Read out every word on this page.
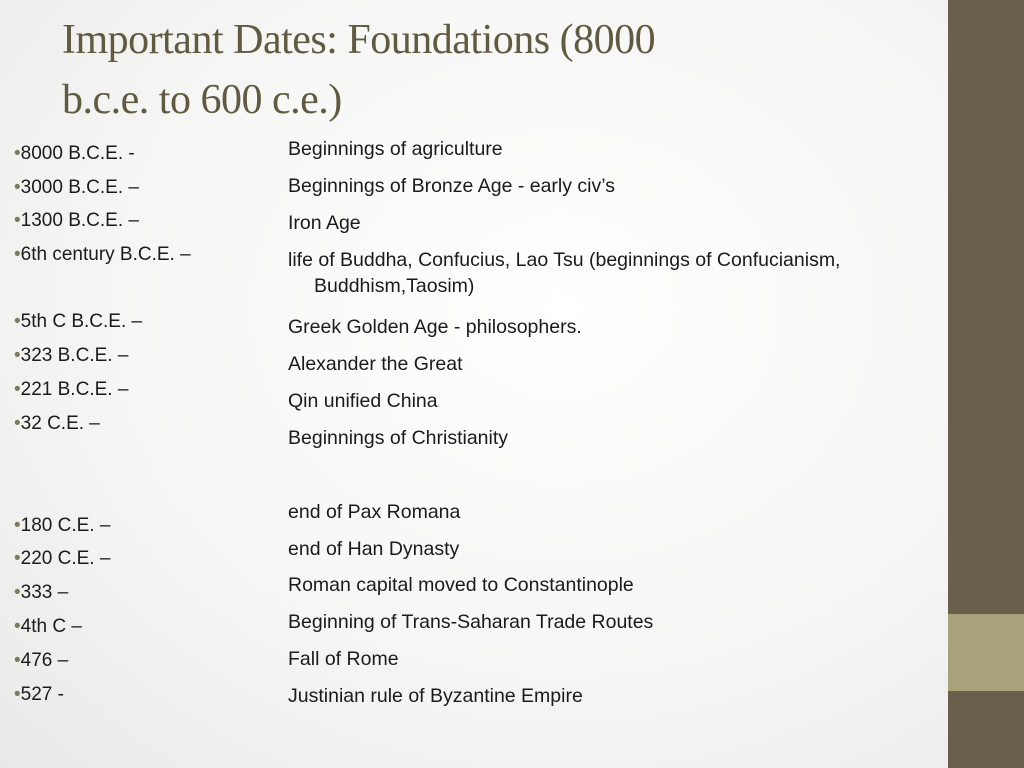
Important Dates: Foundations (8000
b.c.e. to 600 c.e.)
•8000 B.C.E. -
•3000 B.C.E. –
•1300 B.C.E. –
•6th century B.C.E. –
•5th C B.C.E. –
•323 B.C.E. –
•221 B.C.E. –
•32 C.E. –
•180 C.E. –
•220 C.E. –
•333 –
•4th C –
•476 –
•527 -
Beginnings of agriculture
Beginnings of Bronze Age - early civ’s
Iron Age
life of Buddha, Confucius, Lao Tsu (beginnings of Confucianism,
Buddhism,Taosim)
Greek Golden Age - philosophers.
Alexander the Great
Qin unified China
Beginnings of Christianity
end of Pax Romana
end of Han Dynasty
Roman capital moved to Constantinople
Beginning of Trans-Saharan Trade Routes
Fall of Rome
Justinian rule of Byzantine Empire
